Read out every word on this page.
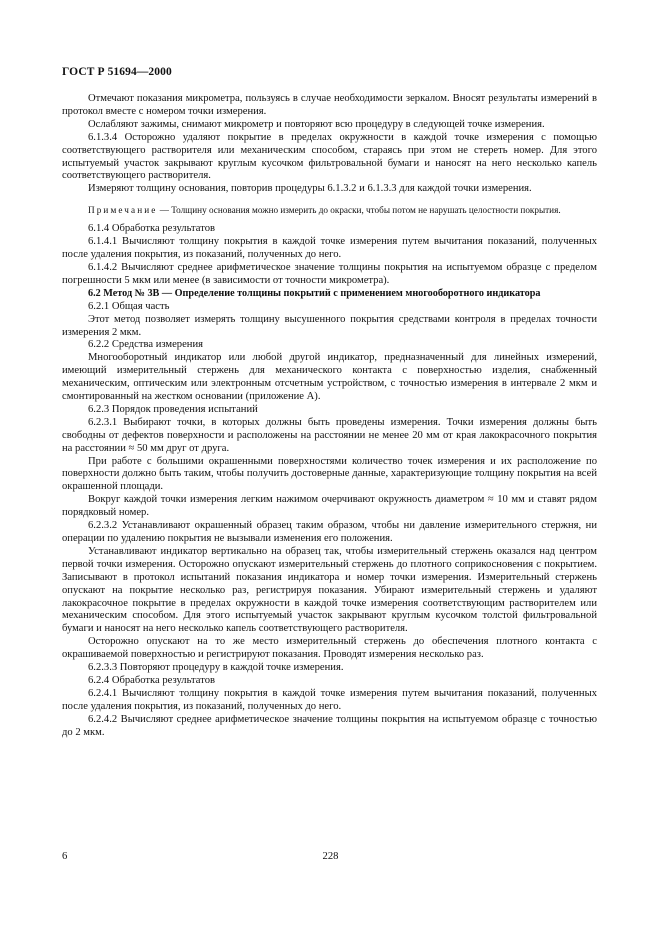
ГОСТ Р 51694—2000

Отмечают показания микрометра, пользуясь в случае необходимости зеркалом. Вносят результаты измерений в протокол вместе с номером точки измерения.

Ослабляют зажимы, снимают микрометр и повторяют всю процедуру в следующей точке измерения.

6.1.3.4 Осторожно удаляют покрытие в пределах окружности в каждой точке измерения с помощью соответствующего растворителя или механическим способом, стараясь при этом не стереть номер. Для этого испытуемый участок закрывают круглым кусочком фильтровальной бумаги и наносят на него несколько капель соответствующего растворителя.

Измеряют толщину основания, повторив процедуры 6.1.3.2 и 6.1.3.3 для каждой точки измерения.

Примечание — Толщину основания можно измерить до окраски, чтобы потом не нарушать целостности покрытия.

6.1.4 Обработка результатов

6.1.4.1 Вычисляют толщину покрытия в каждой точке измерения путем вычитания показаний, полученных после удаления покрытия, из показаний, полученных до него.

6.1.4.2 Вычисляют среднее арифметическое значение толщины покрытия на испытуемом образце с пределом погрешности 5 мкм или менее (в зависимости от точности микрометра).

6.2 Метод № 3В — Определение толщины покрытий с применением многооборотного индикатора

6.2.1 Общая часть

Этот метод позволяет измерять толщину высушенного покрытия средствами контроля в пределах точности измерения 2 мкм.

6.2.2 Средства измерения

Многооборотный индикатор или любой другой индикатор, предназначенный для линейных измерений, имеющий измерительный стержень для механического контакта с поверхностью изделия, снабженный механическим, оптическим или электронным отсчетным устройством, с точностью измерения в интервале 2 мкм и смонтированный на жестком основании (приложение А).

6.2.3 Порядок проведения испытаний

6.2.3.1 Выбирают точки, в которых должны быть проведены измерения. Точки измерения должны быть свободны от дефектов поверхности и расположены на расстоянии не менее 20 мм от края лакокрасочного покрытия на расстоянии ≈ 50 мм друг от друга.

При работе с большими окрашенными поверхностями количество точек измерения и их расположение по поверхности должно быть таким, чтобы получить достоверные данные, характеризующие толщину покрытия на всей окрашенной площади.

Вокруг каждой точки измерения легким нажимом очерчивают окружность диаметром ≈ 10 мм и ставят рядом порядковый номер.

6.2.3.2 Устанавливают окрашенный образец таким образом, чтобы ни давление измерительного стержня, ни операции по удалению покрытия не вызывали изменения его положения.

Устанавливают индикатор вертикально на образец так, чтобы измерительный стержень оказался над центром первой точки измерения. Осторожно опускают измерительный стержень до плотного соприкосновения с покрытием. Записывают в протокол испытаний показания индикатора и номер точки измерения. Измерительный стержень опускают на покрытие несколько раз, регистрируя показания. Убирают измерительный стержень и удаляют лакокрасочное покрытие в пределах окружности в каждой точке измерения соответствующим растворителем или механическим способом. Для этого испытуемый участок закрывают круглым кусочком толстой фильтровальной бумаги и наносят на него несколько капель соответствующего растворителя.

Осторожно опускают на то же место измерительный стержень до обеспечения плотного контакта с окрашиваемой поверхностью и регистрируют показания. Проводят измерения несколько раз.

6.2.3.3 Повторяют процедуру в каждой точке измерения.

6.2.4 Обработка результатов

6.2.4.1 Вычисляют толщину покрытия в каждой точке измерения путем вычитания показаний, полученных после удаления покрытия, из показаний, полученных до него.

6.2.4.2 Вычисляют среднее арифметическое значение толщины покрытия на испытуемом образце с точностью до 2 мкм.

6	228
